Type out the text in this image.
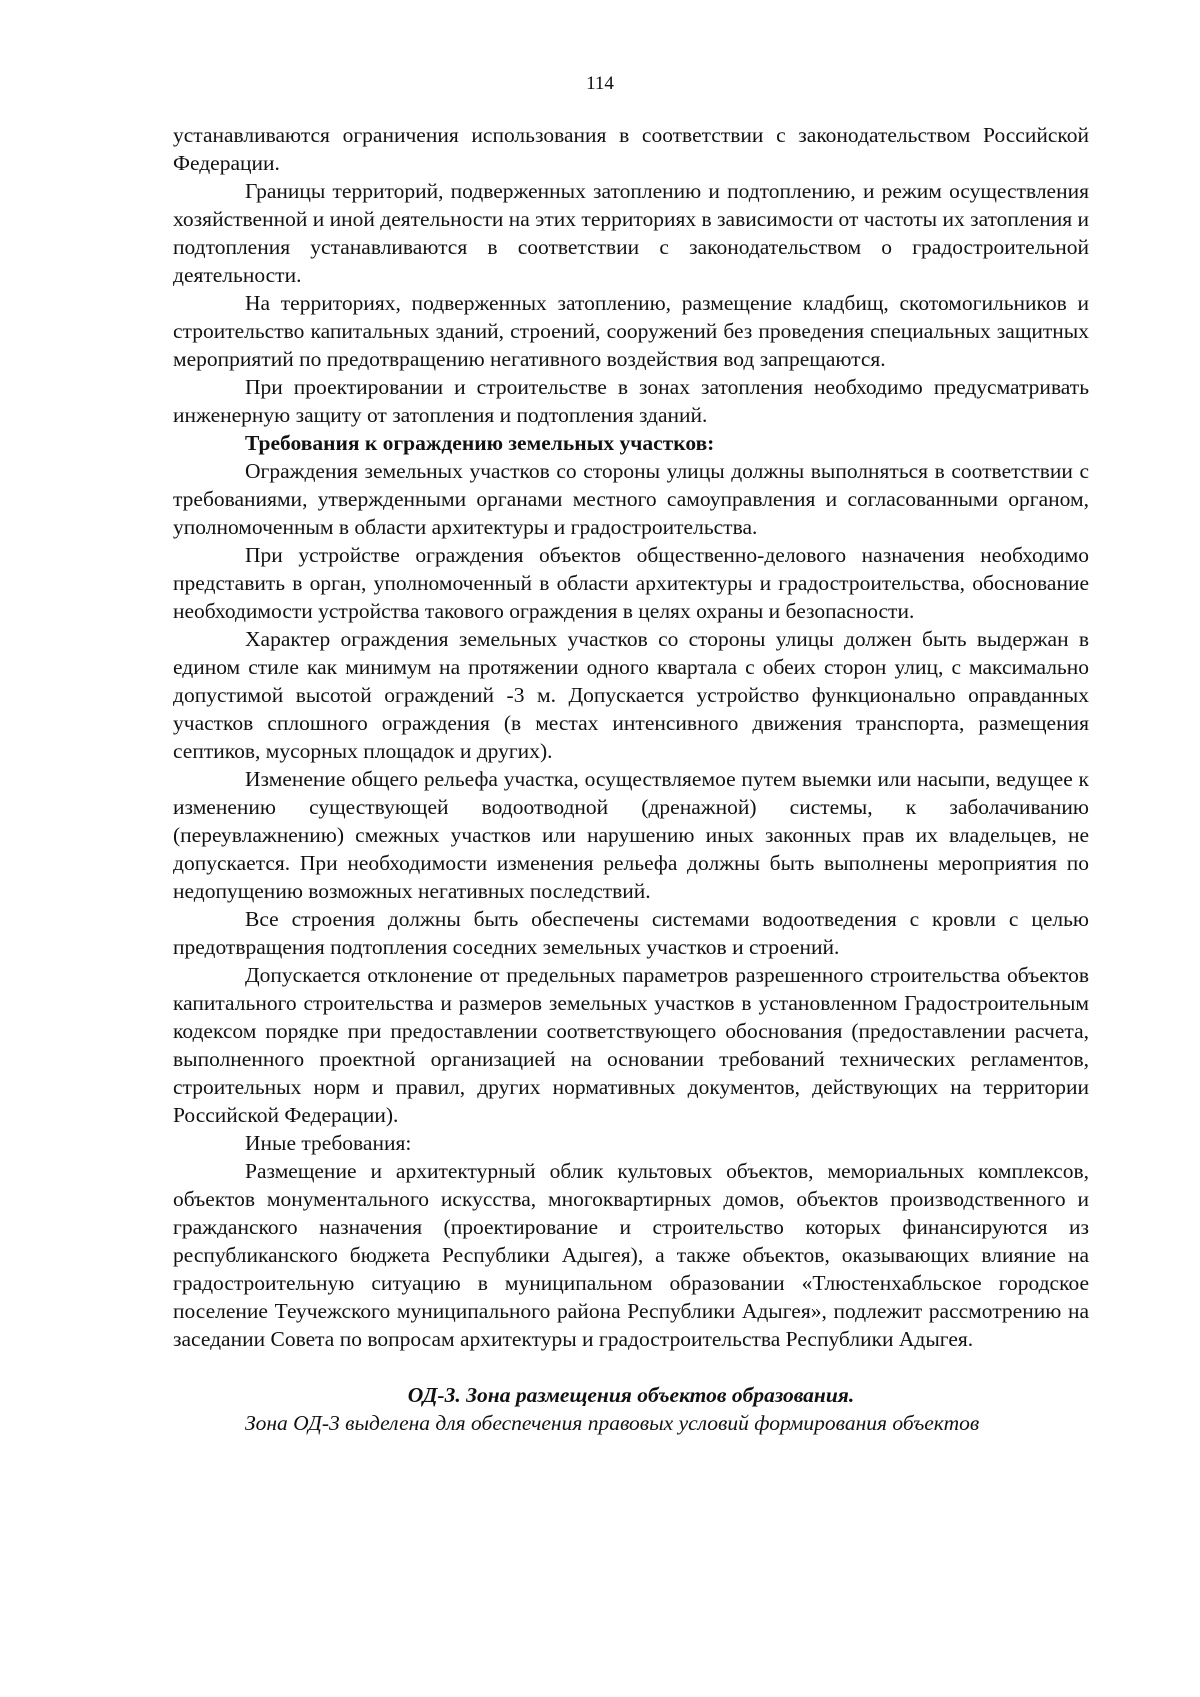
114

устанавливаются ограничения использования в соответствии с законодательством Российской Федерации.

Границы территорий, подверженных затоплению и подтоплению, и режим осуществления хозяйственной и иной деятельности на этих территориях в зависимости от частоты их затопления и подтопления устанавливаются в соответствии с законодательством о градостроительной деятельности.

На территориях, подверженных затоплению, размещение кладбищ, скотомогильников и строительство капитальных зданий, строений, сооружений без проведения специальных защитных мероприятий по предотвращению негативного воздействия вод запрещаются.

При проектировании и строительстве в зонах затопления необходимо предусматривать инженерную защиту от затопления и подтопления зданий.

Требования к ограждению земельных участков:

Ограждения земельных участков со стороны улицы должны выполняться в соответствии с требованиями, утвержденными органами местного самоуправления и согласованными органом, уполномоченным в области архитектуры и градостроительства.

При устройстве ограждения объектов общественно-делового назначения необходимо представить в орган, уполномоченный в области архитектуры и градостроительства, обоснование необходимости устройства такового ограждения в целях охраны и безопасности.

Характер ограждения земельных участков со стороны улицы должен быть выдержан в едином стиле как минимум на протяжении одного квартала с обеих сторон улиц, с максимально допустимой высотой ограждений -3 м. Допускается устройство функционально оправданных участков сплошного ограждения (в местах интенсивного движения транспорта, размещения септиков, мусорных площадок и других).

Изменение общего рельефа участка, осуществляемое путем выемки или насыпи, ведущее к изменению существующей водоотводной (дренажной) системы, к заболачиванию (переувлажнению) смежных участков или нарушению иных законных прав их владельцев, не допускается. При необходимости изменения рельефа должны быть выполнены мероприятия по недопущению возможных негативных последствий.

Все строения должны быть обеспечены системами водоотведения с кровли с целью предотвращения подтопления соседних земельных участков и строений.

Допускается отклонение от предельных параметров разрешенного строительства объектов капитального строительства и размеров земельных участков в установленном Градостроительным кодексом порядке при предоставлении соответствующего обоснования (предоставлении расчета, выполненного проектной организацией на основании требований технических регламентов, строительных норм и правил, других нормативных документов, действующих на территории Российской Федерации).

Иные требования:

Размещение и архитектурный облик культовых объектов, мемориальных комплексов, объектов монументального искусства, многоквартирных домов, объектов производственного и гражданского назначения (проектирование и строительство которых финансируются из республиканского бюджета Республики Адыгея), а также объектов, оказывающих влияние на градостроительную ситуацию в муниципальном образовании «Тлюстенхабльское городское поселение Теучежского муниципального района Республики Адыгея», подлежит рассмотрению на заседании Совета по вопросам архитектуры и градостроительства Республики Адыгея.

ОД-3. Зона размещения объектов образования.

Зона ОД-3 выделена для обеспечения правовых условий формирования объектов
